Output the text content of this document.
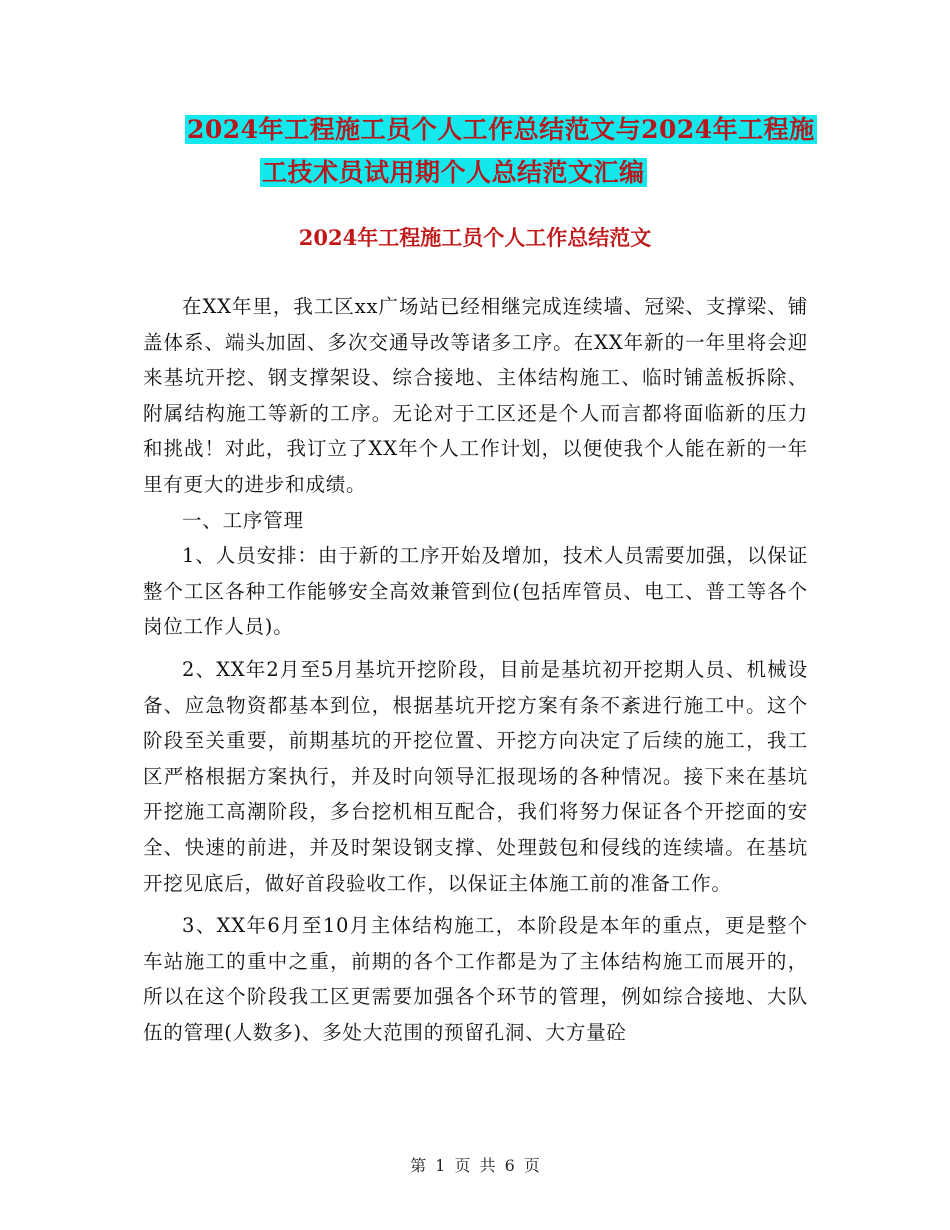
2024年工程施工员个人工作总结范文与2024年工程施
工技术员试用期个人总结范文汇编
2024年工程施工员个人工作总结范文

在XX年里，我工区xx广场站已经相继完成连续墙、冠梁、支撑梁、铺盖体系、端头加固、多次交通导改等诸多工序。在XX年新的一年里将会迎来基坑开挖、钢支撑架设、综合接地、主体结构施工、临时铺盖板拆除、附属结构施工等新的工序。无论对于工区还是个人而言都将面临新的压力和挑战！对此，我订立了XX年个人工作计划，以便使我个人能在新的一年里有更大的进步和成绩。

一、工序管理

1、人员安排：由于新的工序开始及增加，技术人员需要加强，以保证整个工区各种工作能够安全高效兼管到位(包括库管员、电工、普工等各个岗位工作人员)。

2、XX年2月至5月基坑开挖阶段，目前是基坑初开挖期人员、机械设备、应急物资都基本到位，根据基坑开挖方案有条不紊进行施工中。这个阶段至关重要，前期基坑的开挖位置、开挖方向决定了后续的施工，我工区严格根据方案执行，并及时向领导汇报现场的各种情况。接下来在基坑开挖施工高潮阶段，多台挖机相互配合，我们将努力保证各个开挖面的安全、快速的前进，并及时架设钢支撑、处理鼓包和侵线的连续墙。在基坑开挖见底后，做好首段验收工作，以保证主体施工前的准备工作。

3、XX年6月至10月主体结构施工，本阶段是本年的重点，更是整个车站施工的重中之重，前期的各个工作都是为了主体结构施工而展开的，所以在这个阶段我工区更需要加强各个环节的管理，例如综合接地、大队伍的管理(人数多)、多处大范围的预留孔洞、大方量砼

第 1 页 共 6 页
